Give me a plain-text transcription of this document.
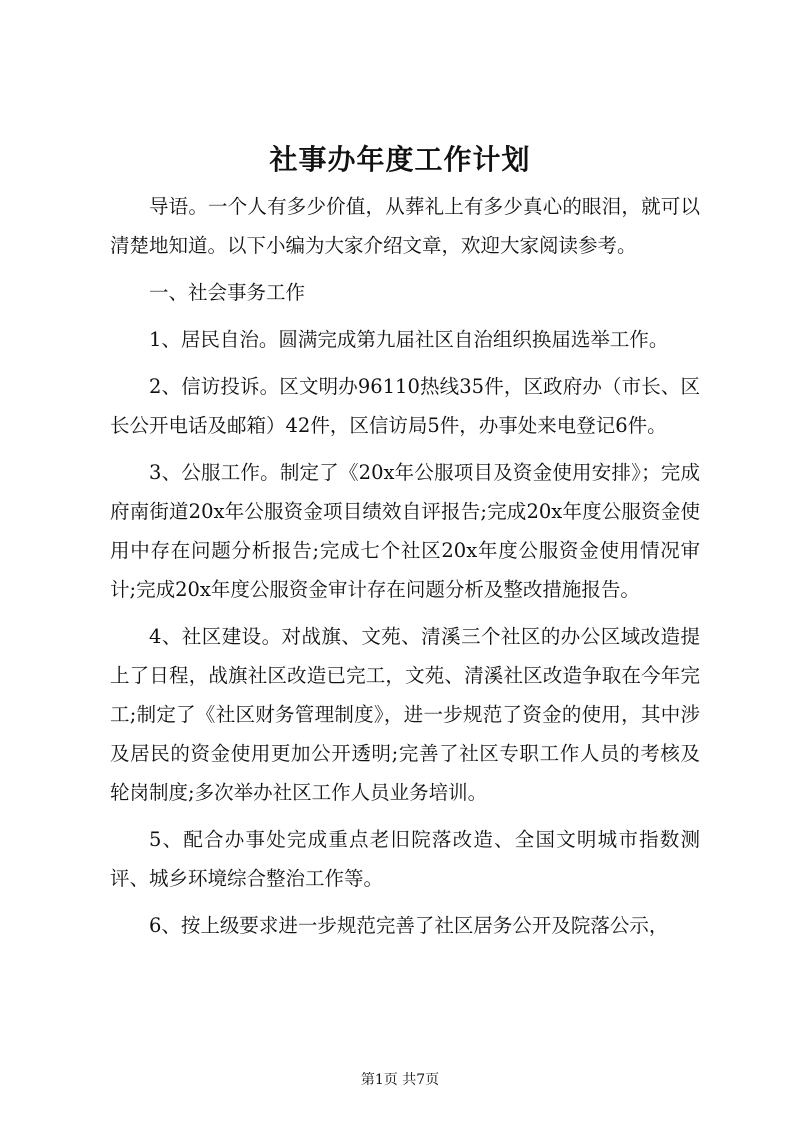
社事办年度工作计划

导语。一个人有多少价值，从葬礼上有多少真心的眼泪，就可以清楚地知道。以下小编为大家介绍文章，欢迎大家阅读参考。

一、社会事务工作

1、居民自治。圆满完成第九届社区自治组织换届选举工作。

2、信访投诉。区文明办96110热线35件，区政府办（市长、区长公开电话及邮箱）42件，区信访局5件，办事处来电登记6件。

3、公服工作。制定了《20x年公服项目及资金使用安排》；完成府南街道20x年公服资金项目绩效自评报告;完成20x年度公服资金使用中存在问题分析报告;完成七个社区20x年度公服资金使用情况审计;完成20x年度公服资金审计存在问题分析及整改措施报告。

4、社区建设。对战旗、文苑、清溪三个社区的办公区域改造提上了日程，战旗社区改造已完工，文苑、清溪社区改造争取在今年完工;制定了《社区财务管理制度》，进一步规范了资金的使用，其中涉及居民的资金使用更加公开透明;完善了社区专职工作人员的考核及轮岗制度;多次举办社区工作人员业务培训。

5、配合办事处完成重点老旧院落改造、全国文明城市指数测评、城乡环境综合整治工作等。

6、按上级要求进一步规范完善了社区居务公开及院落公示，

第1页 共7页
